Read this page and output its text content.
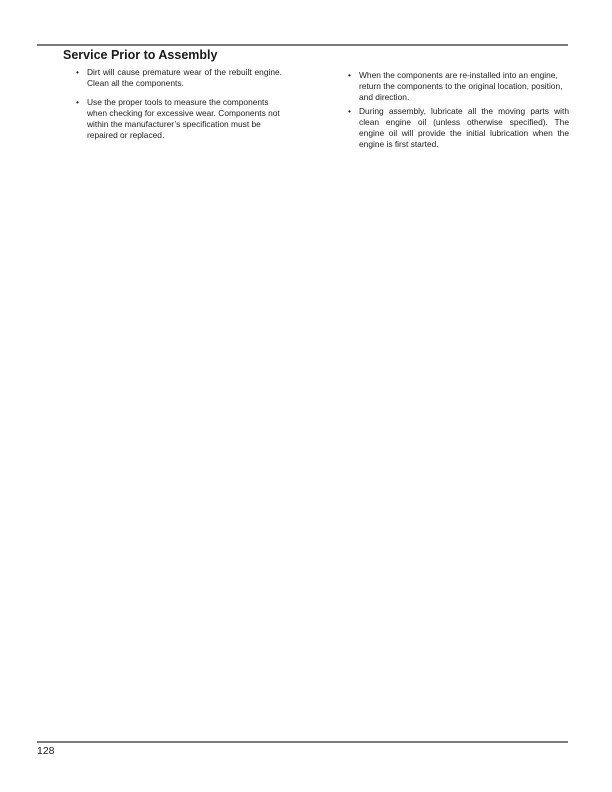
Service Prior to Assembly
• Dirt will cause premature wear of the rebuilt engine. Clean all the components.
• Use the proper tools to measure the components when checking for excessive wear. Components not within the manufacturer’s specification must be repaired or replaced.
• When the components are re-installed into an engine, return the components to the original location, position, and direction.
• During assembly, lubricate all the moving parts with clean engine oil (unless otherwise specified). The engine oil will provide the initial lubrication when the engine is first started.
128
